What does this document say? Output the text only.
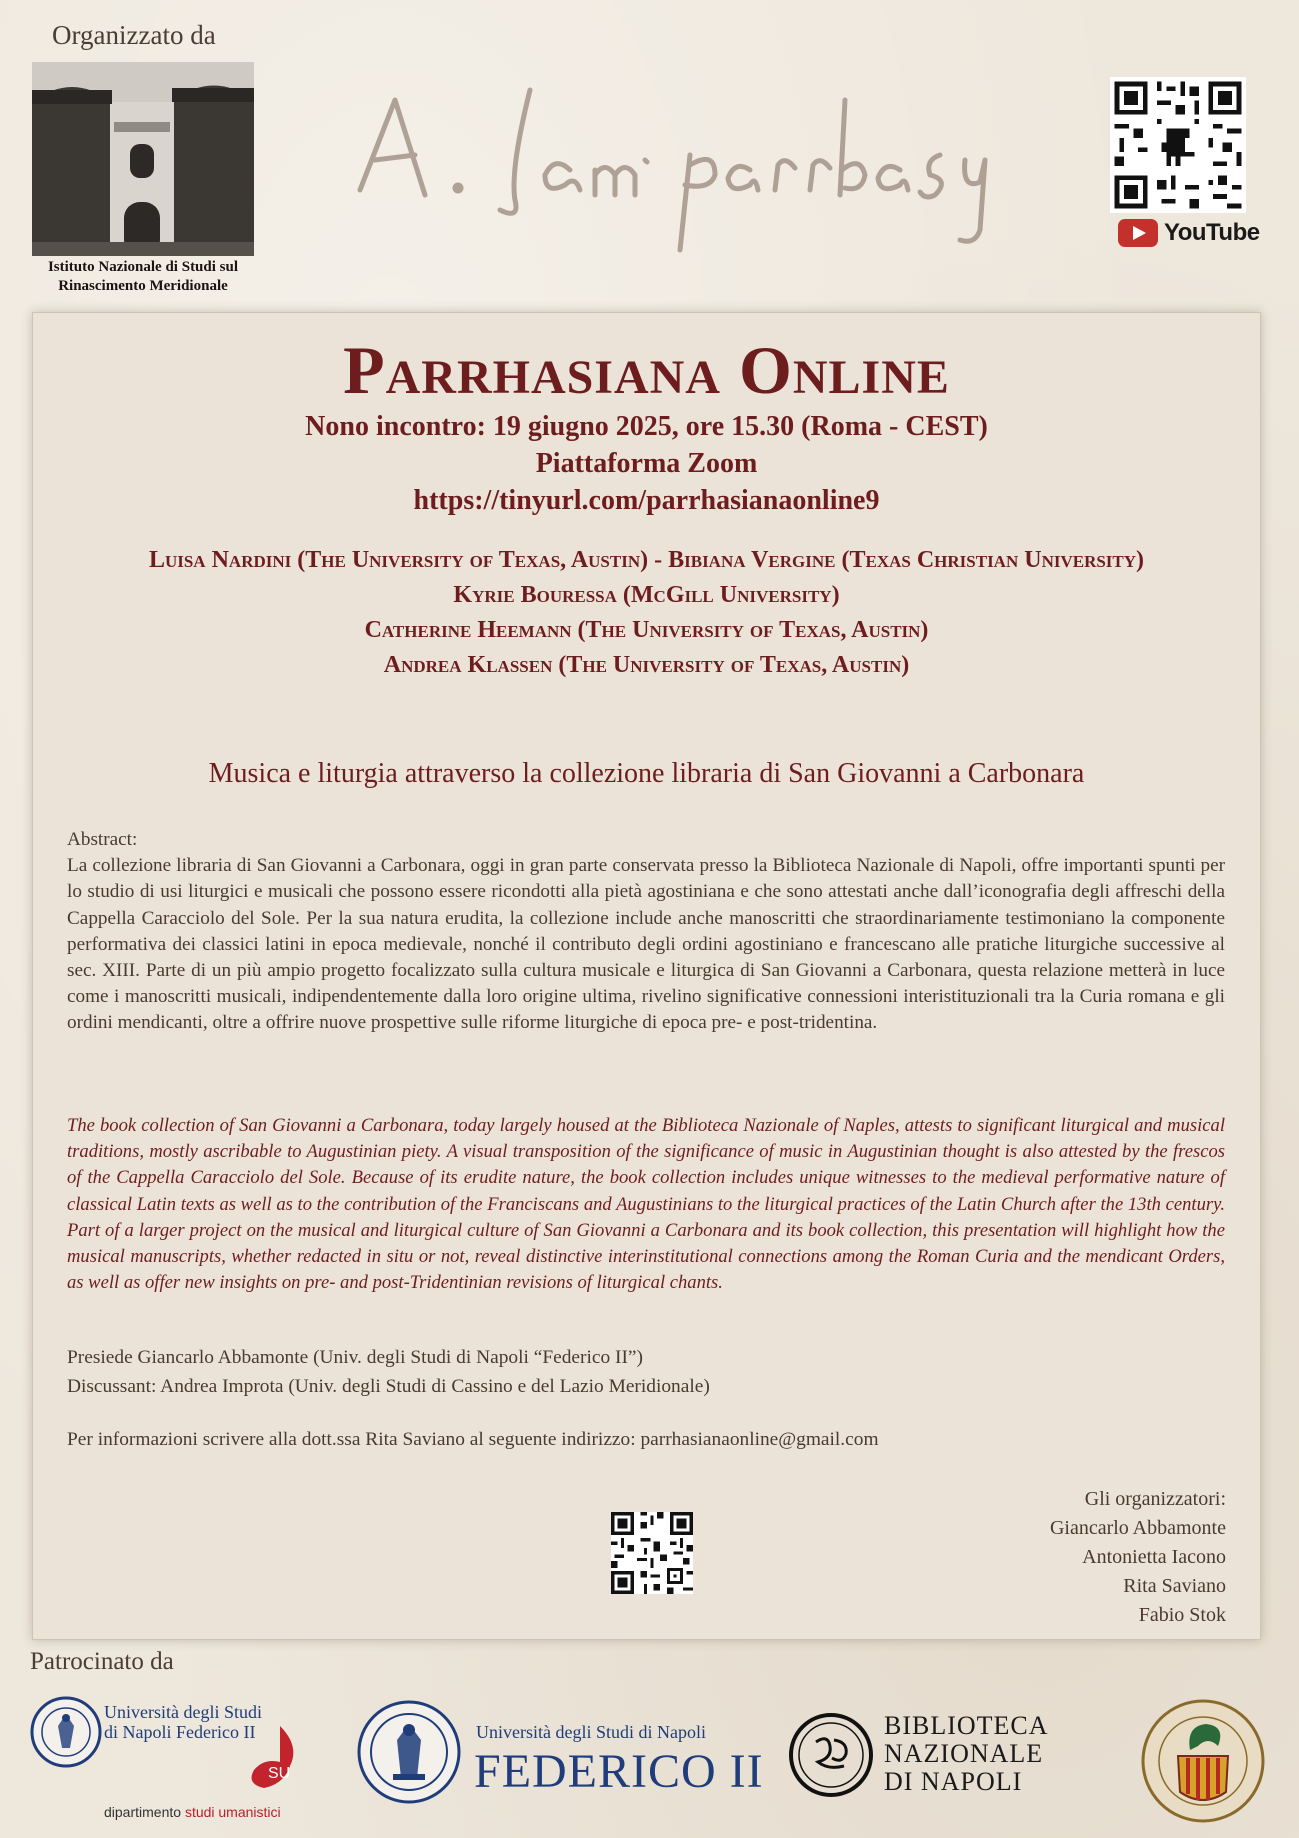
Organizzato da
Istituto Nazionale di Studi sul
Rinascimento Meridionale
YouTube
Parrhasiana Online
Nono incontro: 19 giugno 2025, ore 15.30 (Roma - CEST)
Piattaforma Zoom
https://tinyurl.com/parrhasianaonline9
Luisa Nardini (The University of Texas, Austin) - Bibiana Vergine (Texas Christian University)
Kyrie Bouressa (McGill University)
Catherine Heemann (The University of Texas, Austin)
Andrea Klassen (The University of Texas, Austin)
Musica e liturgia attraverso la collezione libraria di San Giovanni a Carbonara
Abstract:
La collezione libraria di San Giovanni a Carbonara, oggi in gran parte conservata presso la Biblioteca Nazionale di Napoli, offre importanti spunti per lo studio di usi liturgici e musicali che possono essere ricondotti alla pietà agostiniana e che sono attestati anche dall’iconografia degli affreschi della Cappella Caracciolo del Sole. Per la sua natura erudita, la collezione include anche manoscritti che straordinariamente testimoniano la componente performativa dei classici latini in epoca medievale, nonché il contributo degli ordini agostiniano e francescano alle pratiche liturgiche successive al sec. XIII. Parte di un più ampio progetto focalizzato sulla cultura musicale e liturgica di San Giovanni a Carbonara, questa relazione metterà in luce come i manoscritti musicali, indipendentemente dalla loro origine ultima, rivelino significative connessioni interistituzionali tra la Curia romana e gli ordini mendicanti, oltre a offrire nuove prospettive sulle riforme liturgiche di epoca pre- e post-tridentina.
The book collection of San Giovanni a Carbonara, today largely housed at the Biblioteca Nazionale of Naples, attests to significant liturgical and musical traditions, mostly ascribable to Augustinian piety. A visual transposition of the significance of music in Augustinian thought is also attested by the frescos of the Cappella Caracciolo del Sole. Because of its erudite nature, the book collection includes unique witnesses to the medieval performative nature of classical Latin texts as well as to the contribution of the Franciscans and Augustinians to the liturgical practices of the Latin Church after the 13th century. Part of a larger project on the musical and liturgical culture of San Giovanni a Carbonara and its book collection, this presentation will highlight how the musical manuscripts, whether redacted in situ or not, reveal distinctive interinstitutional connections among the Roman Curia and the mendicant Orders, as well as offer new insights on pre- and post-Tridentinian revisions of liturgical chants.
Presiede Giancarlo Abbamonte (Univ. degli Studi di Napoli “Federico II”)
Discussant: Andrea Improta (Univ. degli Studi di Cassino e del Lazio Meridionale)
Per informazioni scrivere alla dott.ssa Rita Saviano al seguente indirizzo: parrhasianaonline@gmail.com
Gli organizzatori:
Giancarlo Abbamonte
Antonietta Iacono
Rita Saviano
Fabio Stok
Patrocinato da
Università degli Studi
di Napoli Federico II
SU
dipartimento studi umanistici
Università degli Studi di Napoli
FEDERICO II
BIBLIOTECA
NAZIONALE
DI NAPOLI
